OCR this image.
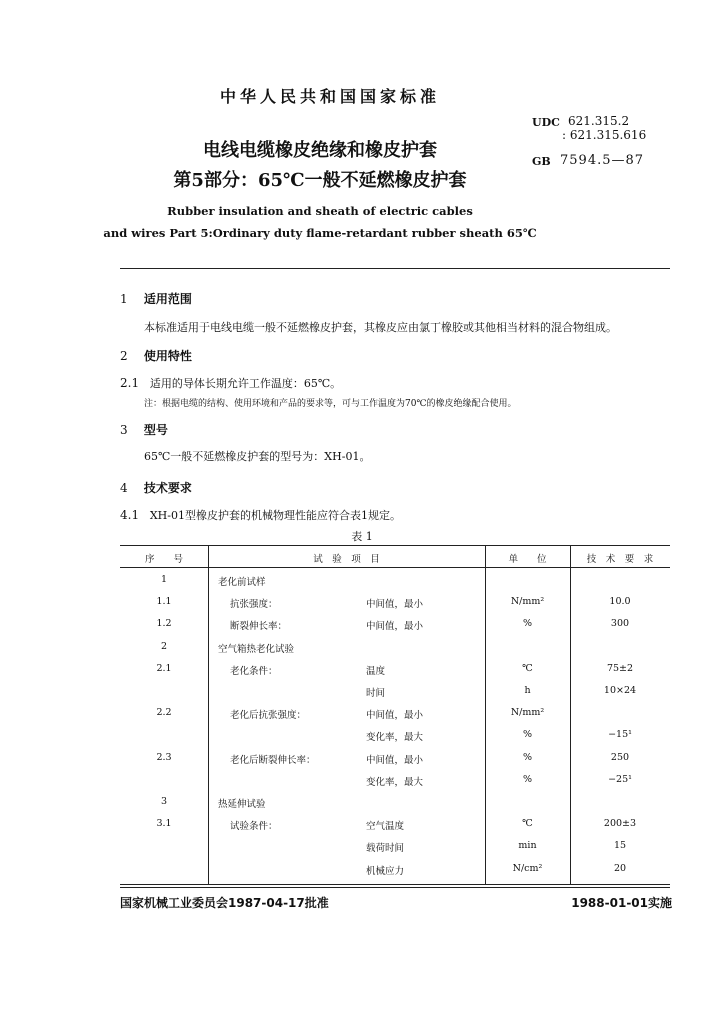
中华人民共和国国家标准
UDC 621.315.2
: 621.315.616
GB 7594.5—87
电线电缆橡皮绝缘和橡皮护套
第5部分：65℃一般不延燃橡皮护套
Rubber insulation and sheath of electric cables
and wires Part 5:Ordinary duty flame-retardant rubber sheath 65℃
1 适用范围
本标准适用于电线电缆一般不延燃橡皮护套，其橡皮应由氯丁橡胶或其他相当材料的混合物组成。
2 使用特性
2.1 适用的导体长期允许工作温度：65℃。
注：根据电缆的结构、使用环境和产品的要求等，可与工作温度为70℃的橡皮绝缘配合使用。
3 型号
65℃一般不延燃橡皮护套的型号为：XH-01。
4 技术要求
4.1 XH-01型橡皮护套的机械物理性能应符合表1规定。
表 1
序　　号	试　验　项　目	单　　位	技　术　要　求
1	老化前试样
1.1	抗张强度：	中间值，最小	N/mm²	10.0
1.2	断裂伸长率：	中间值，最小	%	300
2	空气箱热老化试验
2.1	老化条件：	温度	℃	75±2
时间	h	10×24
2.2	老化后抗张强度：	中间值，最小	N/mm²
变化率，最大	%	−15¹
2.3	老化后断裂伸长率：	中间值，最小	%	250
变化率，最大	%	−25¹
3	热延伸试验
3.1	试验条件：	空气温度	℃	200±3
载荷时间	min	15
机械应力	N/cm²	20
国家机械工业委员会1987-04-17批准	1988-01-01实施
